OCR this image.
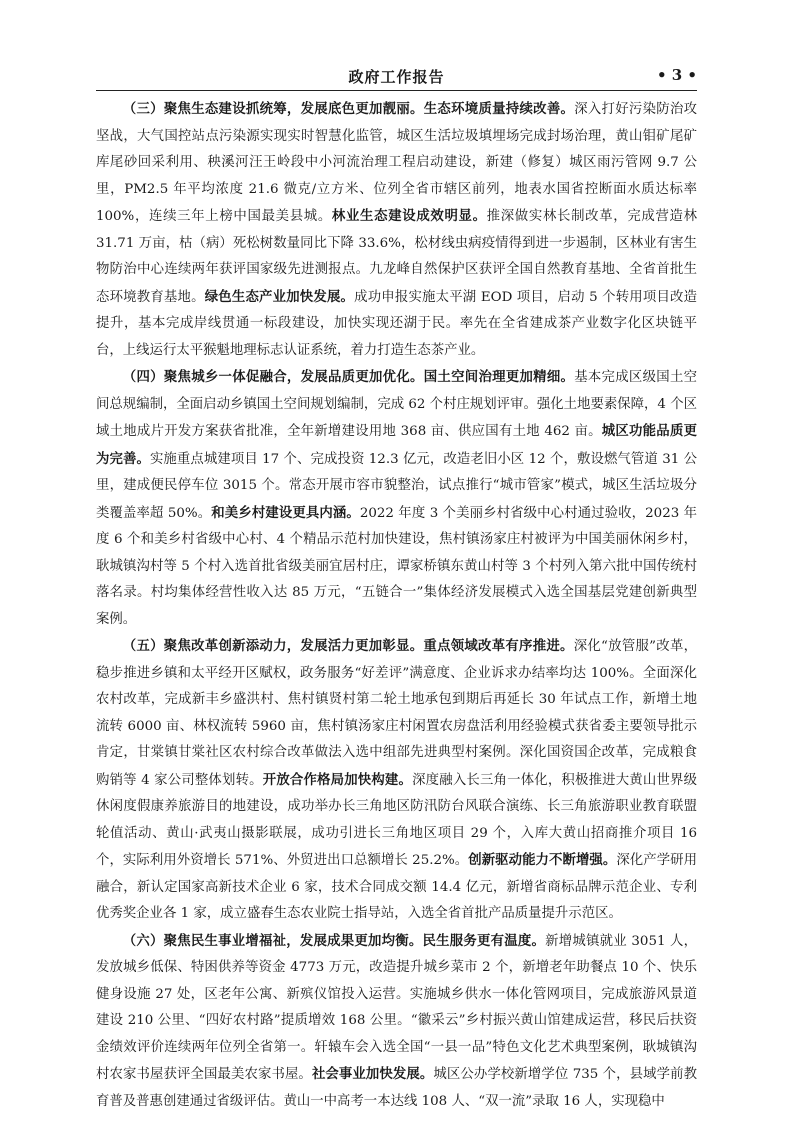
政府工作报告	• 3 •

（三）聚焦生态建设抓统筹，发展底色更加靓丽。生态环境质量持续改善。深入打好污染防治攻坚战，大气国控站点污染源实现实时智慧化监管，城区生活垃圾填埋场完成封场治理，黄山钼矿尾矿库尾砂回采利用、秧溪河汪王岭段中小河流治理工程启动建设，新建（修复）城区雨污管网 9.7 公里，PM2.5 年平均浓度 21.6 微克/立方米、位列全省市辖区前列，地表水国省控断面水质达标率 100%，连续三年上榜中国最美县城。林业生态建设成效明显。推深做实林长制改革，完成营造林 31.71 万亩，枯（病）死松树数量同比下降 33.6%，松材线虫病疫情得到进一步遏制，区林业有害生物防治中心连续两年获评国家级先进测报点。九龙峰自然保护区获评全国自然教育基地、全省首批生态环境教育基地。绿色生态产业加快发展。成功申报实施太平湖 EOD 项目，启动 5 个转用项目改造提升，基本完成岸线贯通一标段建设，加快实现还湖于民。率先在全省建成茶产业数字化区块链平台，上线运行太平猴魁地理标志认证系统，着力打造生态茶产业。

（四）聚焦城乡一体促融合，发展品质更加优化。国土空间治理更加精细。基本完成区级国土空间总规编制，全面启动乡镇国土空间规划编制，完成 62 个村庄规划评审。强化土地要素保障，4 个区域土地成片开发方案获省批准，全年新增建设用地 368 亩、供应国有土地 462 亩。城区功能品质更为完善。实施重点城建项目 17 个、完成投资 12.3 亿元，改造老旧小区 12 个，敷设燃气管道 31 公里，建成便民停车位 3015 个。常态开展市容市貌整治，试点推行“城市管家”模式，城区生活垃圾分类覆盖率超 50%。和美乡村建设更具内涵。2022 年度 3 个美丽乡村省级中心村通过验收，2023 年度 6 个和美乡村省级中心村、4 个精品示范村加快建设，焦村镇汤家庄村被评为中国美丽休闲乡村，耿城镇沟村等 5 个村入选首批省级美丽宜居村庄，谭家桥镇东黄山村等 3 个村列入第六批中国传统村落名录。村均集体经营性收入达 85 万元，“五链合一”集体经济发展模式入选全国基层党建创新典型案例。

（五）聚焦改革创新添动力，发展活力更加彰显。重点领域改革有序推进。深化“放管服”改革，稳步推进乡镇和太平经开区赋权，政务服务“好差评”满意度、企业诉求办结率均达 100%。全面深化农村改革，完成新丰乡盛洪村、焦村镇贤村第二轮土地承包到期后再延长 30 年试点工作，新增土地流转 6000 亩、林权流转 5960 亩，焦村镇汤家庄村闲置农房盘活利用经验模式获省委主要领导批示肯定，甘棠镇甘棠社区农村综合改革做法入选中组部先进典型村案例。深化国资国企改革，完成粮食购销等 4 家公司整体划转。开放合作格局加快构建。深度融入长三角一体化，积极推进大黄山世界级休闲度假康养旅游目的地建设，成功举办长三角地区防汛防台风联合演练、长三角旅游职业教育联盟轮值活动、黄山·武夷山摄影联展，成功引进长三角地区项目 29 个，入库大黄山招商推介项目 16 个，实际利用外资增长 571%、外贸进出口总额增长 25.2%。创新驱动能力不断增强。深化产学研用融合，新认定国家高新技术企业 6 家，技术合同成交额 14.4 亿元，新增省商标品牌示范企业、专利优秀奖企业各 1 家，成立盛春生态农业院士指导站，入选全省首批产品质量提升示范区。

（六）聚焦民生事业增福祉，发展成果更加均衡。民生服务更有温度。新增城镇就业 3051 人，发放城乡低保、特困供养等资金 4773 万元，改造提升城乡菜市 2 个，新增老年助餐点 10 个、快乐健身设施 27 处，区老年公寓、新殡仪馆投入运营。实施城乡供水一体化管网项目，完成旅游风景道建设 210 公里、“四好农村路”提质增效 168 公里。“徽采云”乡村振兴黄山馆建成运营，移民后扶资金绩效评价连续两年位列全省第一。轩辕车会入选全国“一县一品”特色文化艺术典型案例，耿城镇沟村农家书屋获评全国最美农家书屋。社会事业加快发展。城区公办学校新增学位 735 个，县域学前教育普及普惠创建通过省级评估。黄山一中高考一本达线 108 人、“双一流”录取 16 人，实现稳中
